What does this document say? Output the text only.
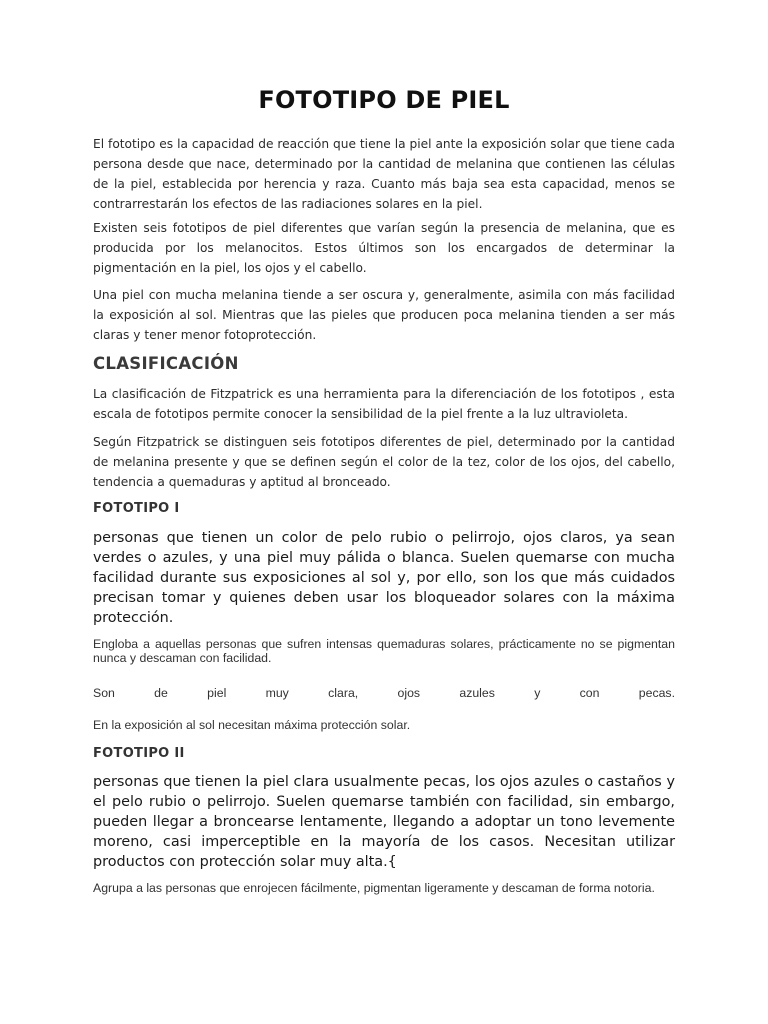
FOTOTIPO DE PIEL

El fototipo es la capacidad de reacción que tiene la piel ante la exposición solar que tiene cada persona desde que nace, determinado por la cantidad de melanina que contienen las células de la piel, establecida por herencia y raza. Cuanto más baja sea esta capacidad, menos se contrarrestarán los efectos de las radiaciones solares en la piel.

Existen seis fototipos de piel diferentes que varían según la presencia de melanina, que es producida por los melanocitos. Estos últimos son los encargados de determinar la pigmentación en la piel, los ojos y el cabello.

Una piel con mucha melanina tiende a ser oscura y, generalmente, asimila con más facilidad la exposición al sol. Mientras que las pieles que producen poca melanina tienden a ser más claras y tener menor fotoprotección.

CLASIFICACIÓN

La clasificación de Fitzpatrick es una herramienta para la diferenciación de los fototipos , esta escala de fototipos permite conocer la sensibilidad de la piel frente a la luz ultravioleta.

Según Fitzpatrick se distinguen seis fototipos diferentes de piel, determinado por la cantidad de melanina presente y que se definen según el color de la tez, color de los ojos, del cabello, tendencia a quemaduras y aptitud al bronceado.

FOTOTIPO I

personas que tienen un color de pelo rubio o pelirrojo, ojos claros, ya sean verdes o azules, y una piel muy pálida o blanca. Suelen quemarse con mucha facilidad durante sus exposiciones al sol y, por ello, son los que más cuidados precisan tomar y quienes deben usar los bloqueador solares con la máxima protección.

Engloba a aquellas personas que sufren intensas quemaduras solares, prácticamente no se pigmentan nunca y descaman con facilidad.

Son de piel muy clara, ojos azules y con pecas.

En la exposición al sol necesitan máxima protección solar.

FOTOTIPO II

personas que tienen la piel clara usualmente pecas, los ojos azules o castaños y el pelo rubio o pelirrojo. Suelen quemarse también con facilidad, sin embargo, pueden llegar a broncearse lentamente, llegando a adoptar un tono levemente moreno, casi imperceptible en la mayoría de los casos. Necesitan utilizar productos con protección solar muy alta.{

Agrupa a las personas que enrojecen fácilmente, pigmentan ligeramente y descaman de forma notoria.
